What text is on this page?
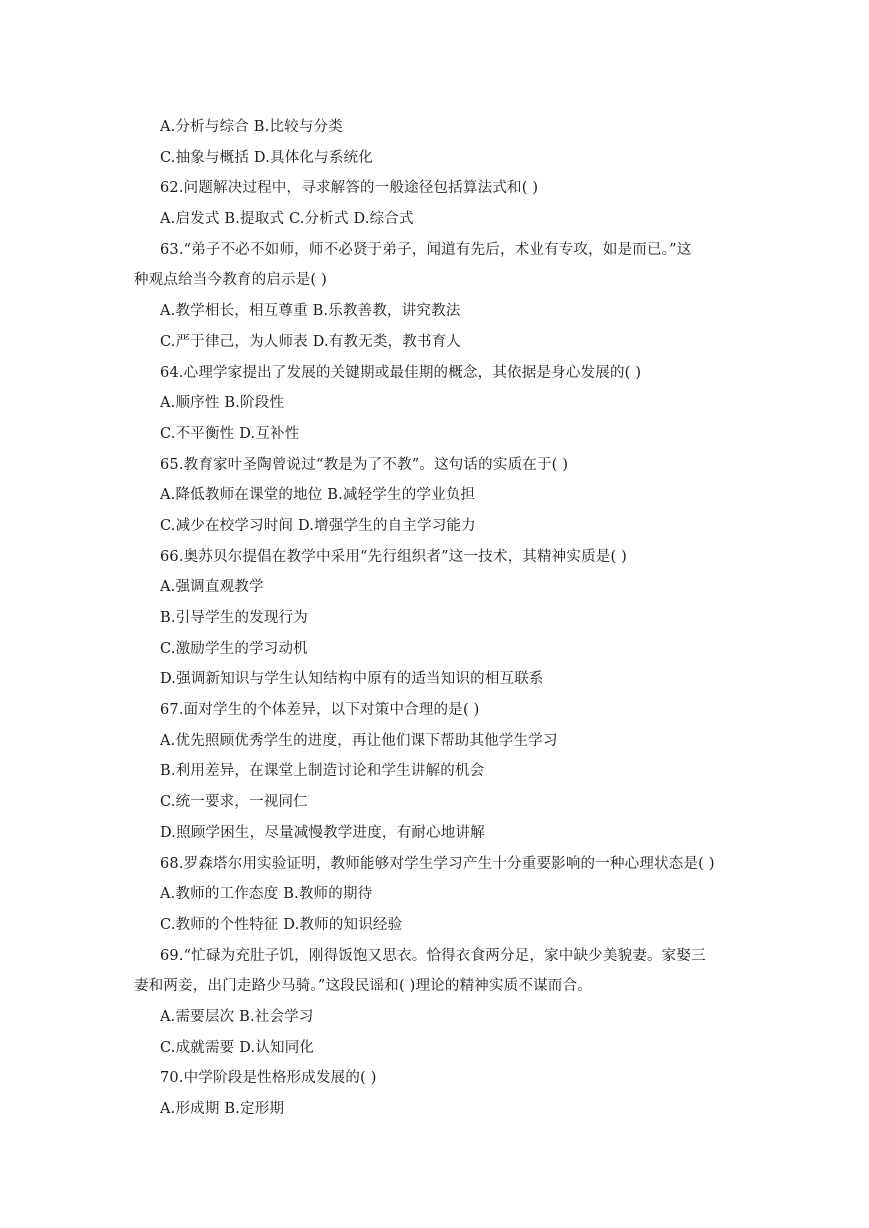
A.分析与综合 B.比较与分类
C.抽象与概括 D.具体化与系统化
62.问题解决过程中，寻求解答的一般途径包括算法式和( )
A.启发式 B.提取式 C.分析式 D.综合式
63.“弟子不必不如师，师不必贤于弟子，闻道有先后，术业有专攻，如是而已。”这
种观点给当今教育的启示是( )
A.教学相长，相互尊重 B.乐教善教，讲究教法
C.严于律己，为人师表 D.有教无类，教书育人
64.心理学家提出了发展的关键期或最佳期的概念，其依据是身心发展的( )
A.顺序性 B.阶段性
C.不平衡性 D.互补性
65.教育家叶圣陶曾说过“教是为了不教”。这句话的实质在于( )
A.降低教师在课堂的地位 B.减轻学生的学业负担
C.减少在校学习时间 D.增强学生的自主学习能力
66.奥苏贝尔提倡在教学中采用“先行组织者”这一技术，其精神实质是( )
A.强调直观教学
B.引导学生的发现行为
C.激励学生的学习动机
D.强调新知识与学生认知结构中原有的适当知识的相互联系
67.面对学生的个体差异，以下对策中合理的是( )
A.优先照顾优秀学生的进度，再让他们课下帮助其他学生学习
B.利用差异，在课堂上制造讨论和学生讲解的机会
C.统一要求，一视同仁
D.照顾学困生，尽量减慢教学进度，有耐心地讲解
68.罗森塔尔用实验证明，教师能够对学生学习产生十分重要影响的一种心理状态是( )
A.教师的工作态度 B.教师的期待
C.教师的个性特征 D.教师的知识经验
69.“忙碌为充肚子饥，刚得饭饱又思衣。恰得衣食两分足，家中缺少美貌妻。家娶三
妻和两妾，出门走路少马骑。”这段民谣和( )理论的精神实质不谋而合。
A.需要层次 B.社会学习
C.成就需要 D.认知同化
70.中学阶段是性格形成发展的( )
A.形成期 B.定形期
